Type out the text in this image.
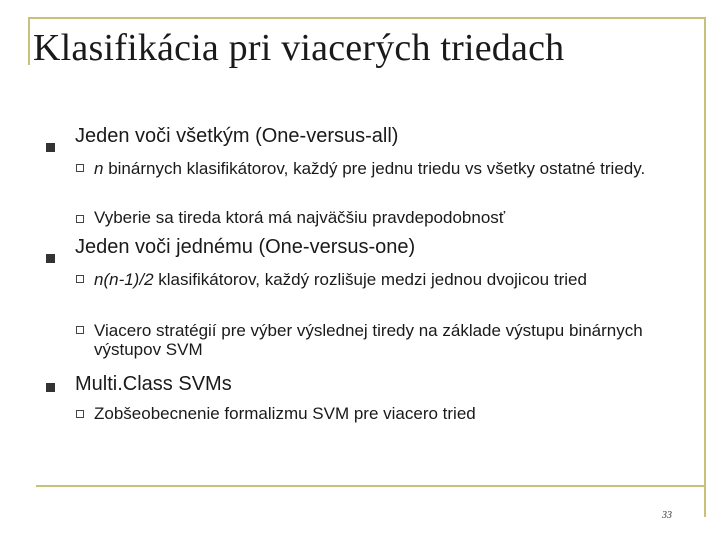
Klasifikácia pri viacerých triedach
Jeden voči všetkým (One-versus-all)
n binárnych klasifikátorov, každý pre jednu triedu vs všetky ostatné triedy.
Vyberie sa tireda ktorá má najväčšiu pravdepodobnosť
Jeden voči jednému (One-versus-one)
n(n-1)/2 klasifikátorov, každý rozlišuje medzi jednou dvojicou tried
Viacero stratégií pre výber výslednej tiredy na základe výstupu binárnych výstupov SVM
Multi.Class SVMs
Zobšeobecnenie formalizmu SVM pre viacero tried
33
